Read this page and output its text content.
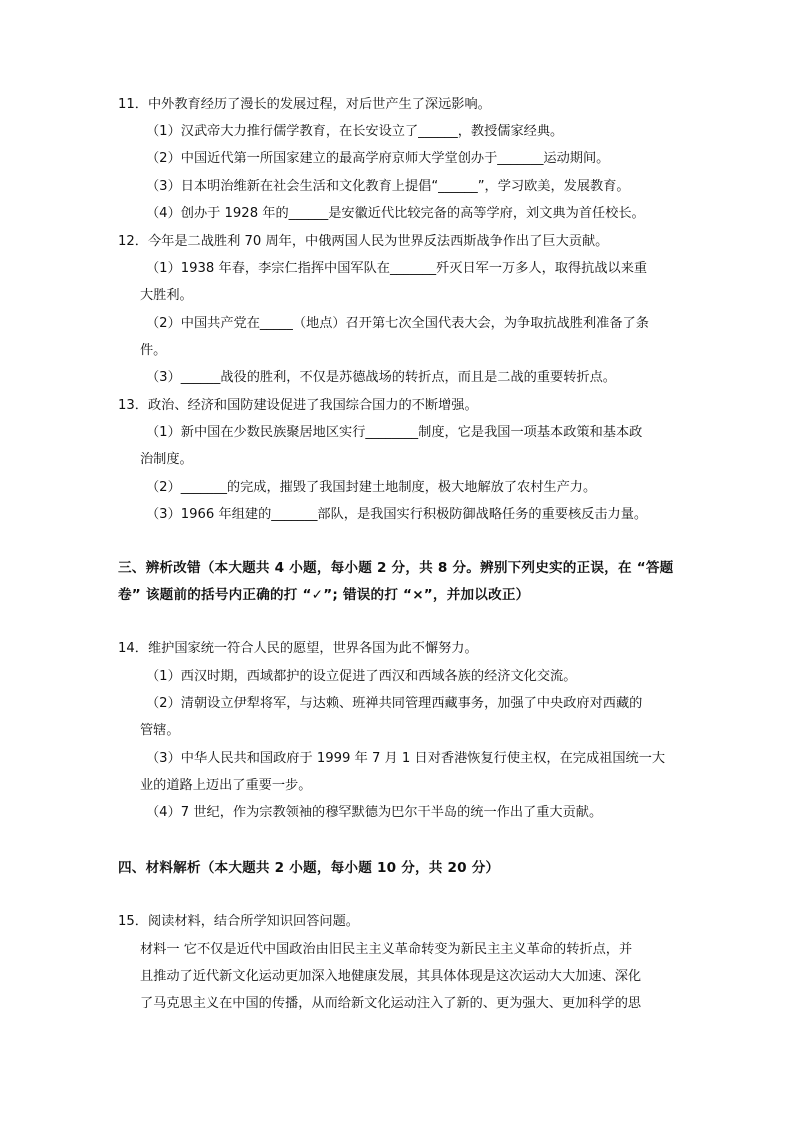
11．中外教育经历了漫长的发展过程，对后世产生了深远影响。
（1）汉武帝大力推行儒学教育，在长安设立了______，教授儒家经典。
（2）中国近代第一所国家建立的最高学府京师大学堂创办于_______运动期间。
（3）日本明治维新在社会生活和文化教育上提倡“______”，学习欧美，发展教育。
（4）创办于 1928 年的______是安徽近代比较完备的高等学府，刘文典为首任校长。
12．今年是二战胜利 70 周年，中俄两国人民为世界反法西斯战争作出了巨大贡献。
（1）1938 年春，李宗仁指挥中国军队在_______歼灭日军一万多人，取得抗战以来重
大胜利。
（2）中国共产党在_____（地点）召开第七次全国代表大会，为争取抗战胜利准备了条
件。
（3）______战役的胜利，不仅是苏德战场的转折点，而且是二战的重要转折点。
13．政治、经济和国防建设促进了我国综合国力的不断增强。
（1）新中国在少数民族聚居地区实行________制度，它是我国一项基本政策和基本政
治制度。
（2）_______的完成，摧毁了我国封建土地制度，极大地解放了农村生产力。
（3）1966 年组建的_______部队，是我国实行积极防御战略任务的重要核反击力量。
三、辨析改错（本大题共 4 小题，每小题 2 分，共 8 分。辨别下列史实的正误，在 “答题
卷” 该题前的括号内正确的打 “✓”; 错误的打 “×”，并加以改正）
14．维护国家统一符合人民的愿望，世界各国为此不懈努力。
（1）西汉时期，西域都护的设立促进了西汉和西域各族的经济文化交流。
（2）清朝设立伊犁将军，与达赖、班禅共同管理西藏事务，加强了中央政府对西藏的
管辖。
（3）中华人民共和国政府于 1999 年 7 月 1 日对香港恢复行使主权，在完成祖国统一大
业的道路上迈出了重要一步。
（4）7 世纪，作为宗教领袖的穆罕默德为巴尔干半岛的统一作出了重大贡献。
四、材料解析（本大题共 2 小题，每小题 10 分，共 20 分）
15．阅读材料，结合所学知识回答问题。
材料一 它不仅是近代中国政治由旧民主主义革命转变为新民主主义革命的转折点，并
且推动了近代新文化运动更加深入地健康发展，其具体体现是这次运动大大加速、深化
了马克思主义在中国的传播，从而给新文化运动注入了新的、更为强大、更加科学的思
